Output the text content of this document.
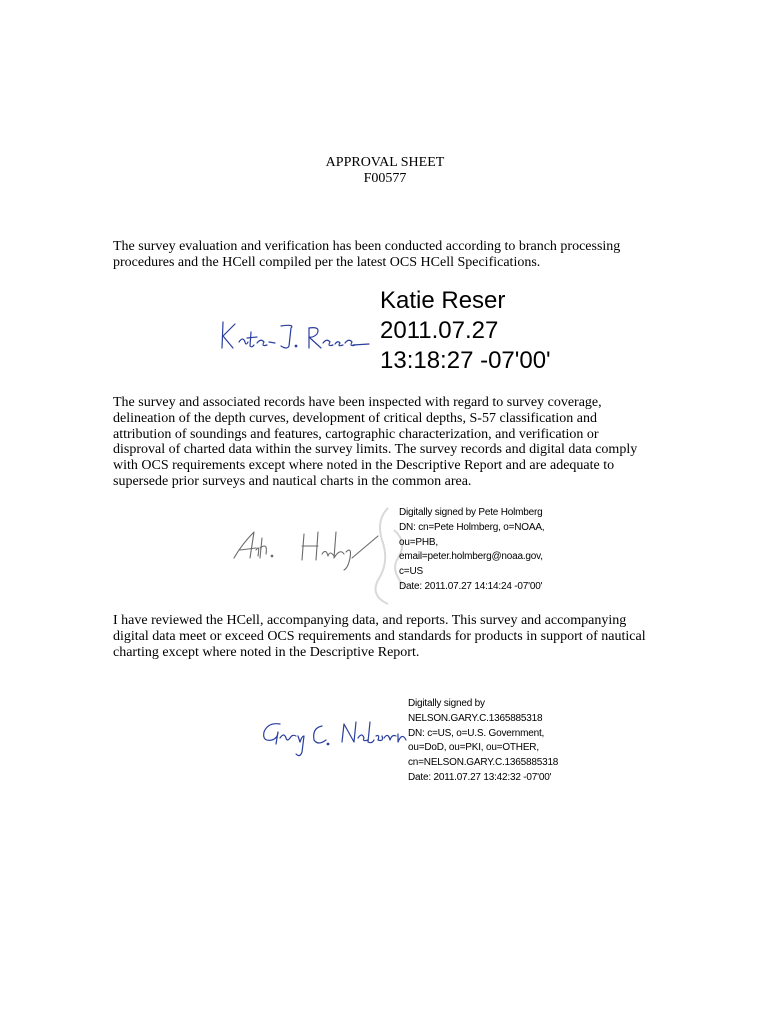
APPROVAL SHEET
F00577
The survey evaluation and verification has been conducted according to branch processing procedures and the HCell compiled per the latest OCS HCell Specifications.
Katie Reser
2011.07.27
13:18:27 -07'00'
The survey and associated records have been inspected with regard to survey coverage, delineation of the depth curves, development of critical depths, S-57 classification and attribution of soundings and features, cartographic characterization, and verification or disproval of charted data within the survey limits. The survey records and digital data comply with OCS requirements except where noted in the Descriptive Report and are adequate to supersede prior surveys and nautical charts in the common area.
Digitally signed by Pete Holmberg
DN: cn=Pete Holmberg, o=NOAA,
ou=PHB,
email=peter.holmberg@noaa.gov,
c=US
Date: 2011.07.27 14:14:24 -07'00'
I have reviewed the HCell, accompanying data, and reports. This survey and accompanying digital data meet or exceed OCS requirements and standards for products in support of nautical charting except where noted in the Descriptive Report.
Digitally signed by
NELSON.GARY.C.1365885318
DN: c=US, o=U.S. Government,
ou=DoD, ou=PKI, ou=OTHER,
cn=NELSON.GARY.C.1365885318
Date: 2011.07.27 13:42:32 -07'00'
